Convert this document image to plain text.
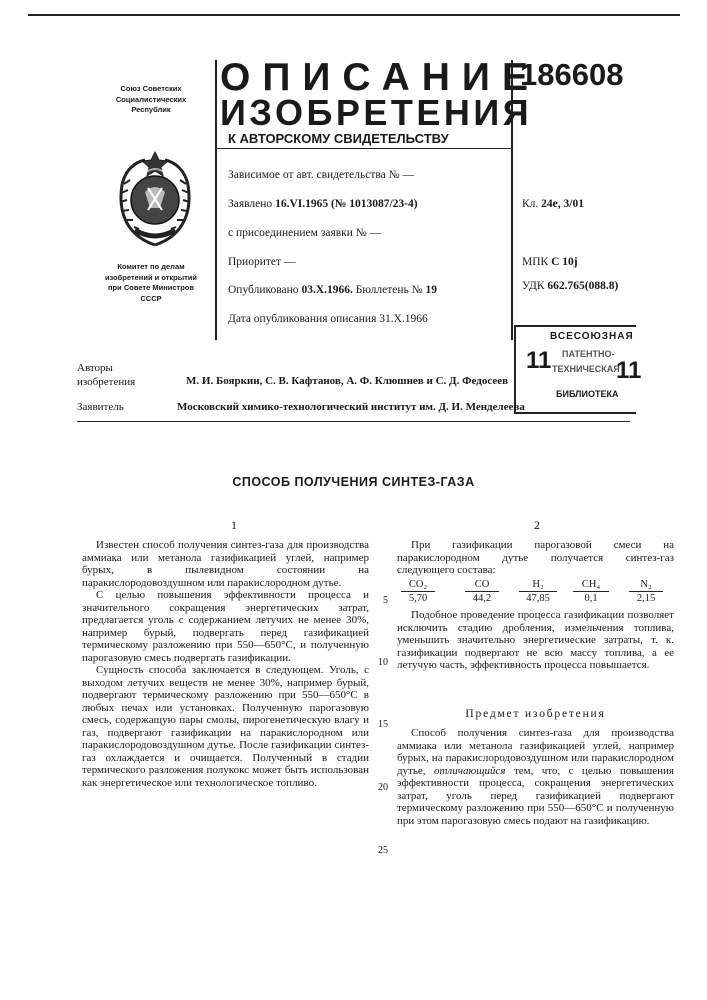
Союз Советских
Социалистических
Республик
Комитет по делам
изобретений и открытий
при Совете Министров
СССР
ОПИСАНИЕ
ИЗОБРЕТЕНИЯ
К АВТОРСКОМУ СВИДЕТЕЛЬСТВУ
186608
Зависимое от авт. свидетельства № —
Заявлено 16.VI.1965 (№ 1013087/23-4)
с присоединением заявки № —
Приоритет —
Опубликовано 03.X.1966. Бюллетень № 19
Дата опубликования описания 31.X.1966
Кл. 24е, 3/01
МПК С 10j
УДК 662.765(088.8)
11	11
ВСЕСОЮЗНАЯ
ПАТЕНТНО-
ТЕХНИЧЕСКАЯ
БИБЛИОТЕКА
Авторы
изобретения	М. И. Бояркин, С. В. Кафтанов, А. Ф. Клюшнев и С. Д. Федосеев
Заявитель	Московский химико-технологический институт им. Д. И. Менделеева
СПОСОБ ПОЛУЧЕНИЯ СИНТЕЗ-ГАЗА
1	2

Известен способ получения синтез-газа для производства аммиака или метанола газификацией углей, например бурых, в пылевидном состоянии на паракислородовоздушном или паракислородном дутье.

С целью повышения эффективности процесса и значительного сокращения энергетических затрат, предлагается уголь с содержанием летучих не менее 30%, например бурый, подвергать перед газификацией термическому разложению при 550—650°С, и полученную парогазовую смесь подвергать газификации.

Сущность способа заключается в следующем. Уголь, с выходом летучих веществ не менее 30%, например бурый, подвергают термическому разложению при 550—650°С в любых печах или установках. Полученную парогазовую смесь, содержащую пары смолы, пирогенетическую влагу и газ, подвергают газификации на паракислородном или паракислородовоздушном дутье. После газификации синтез-газ охлаждается и очищается. Полученный в стадии термического разложения полукокс может быть использован как энергетическое или технологическое топливо.

5
10
15
20
25

При газификации парогазовой смеси на паракислородном дутье получается синтез-газ следующего состава:

CO₂
5,70
CO
44,2
H₂
47,85
CH₄
0,1
N₂
2,15

Подобное проведение процесса газификации позволяет исключить стадию дробления, измельчения топлива, уменьшить значительно энергетические затраты, т. к. газификации подвергают не всю массу топлива, а ее летучую часть, эффективность процесса повышается.

Предмет изобретения

Способ получения синтез-газа для производства аммиака или метанола газификацией углей, например бурых, на паракислородовоздушном или паракислородном дутье, отличающийся тем, что, с целью повышения эффективности процесса, сокращения энергетических затрат, уголь перед газификацией подвергают термическому разложению при 550—650°С и полученную при этом парогазовую смесь подают на газификацию.
